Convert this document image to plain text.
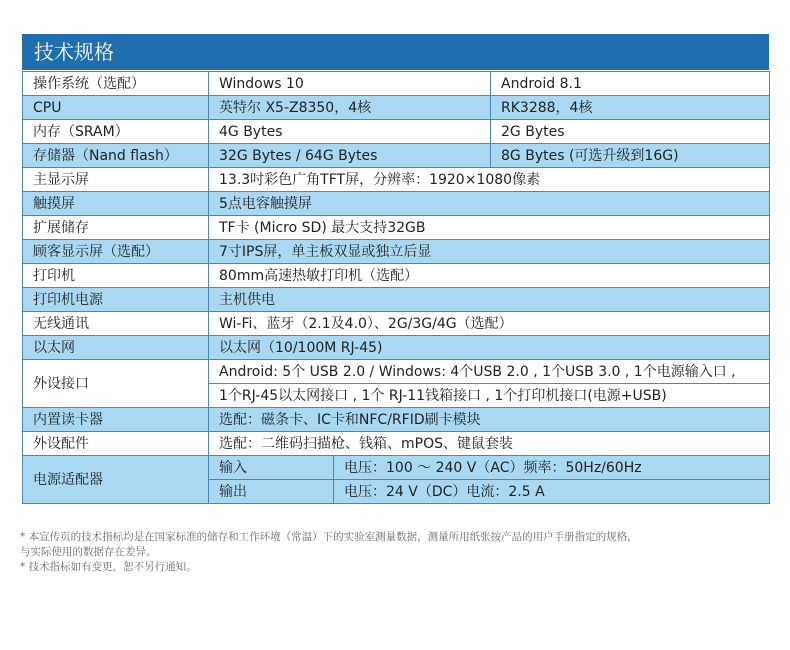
技术规格
操作系统（选配）	Windows 10		Android 8.1
CPU	英特尔 X5-Z8350，4核		RK3288，4核
内存（SRAM）	4G Bytes		2G Bytes
存储器（Nand flash）	32G Bytes / 64G Bytes		8G Bytes (可选升级到16G)
主显示屏	13.3吋彩色广角TFT屏，分辨率：1920×1080像素		
触摸屏	5点电容触摸屏		
扩展储存	TF卡 (Micro SD) 最大支持32GB		
顾客显示屏（选配）	7寸IPS屏，单主板双显或独立后显		
打印机	80mm高速热敏打印机（选配）		
打印机电源	主机供电		
无线通讯	Wi-Fi、蓝牙（2.1及4.0）、2G/3G/4G（选配）		
以太网	以太网（10/100M RJ-45)		
外设接口	Android: 5个 USB 2.0 / Windows: 4个USB 2.0 , 1个USB 3.0 , 1个电源输入口 ,		
	1个RJ-45以太网接口 , 1个 RJ-11钱箱接口 , 1个打印机接口(电源+USB)		
内置读卡器	选配：磁条卡、IC卡和NFC/RFID刷卡模块		
外设配件	选配：二维码扫描枪、钱箱、mPOS、键鼠套装		
电源适配器	输入	电压：100 ～ 240 V（AC）频率：50Hz/60Hz	
	输出	电压：24 V（DC）电流：2.5 A	

* 本宣传页的技术指标均是在国家标准的储存和工作环境（常温）下的实验室测量数据，测量所用纸张按产品的用户手册指定的规格，

与实际使用的数据存在差异。

* 技术指标如有变更，恕不另行通知。
